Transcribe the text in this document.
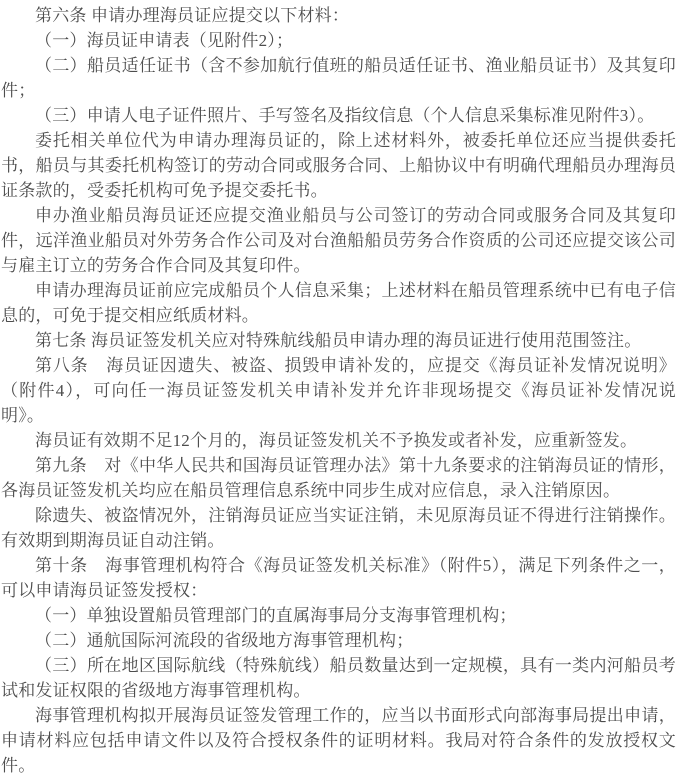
第六条 申请办理海员证应提交以下材料：

（一）海员证申请表（见附件2）；

（二）船员适任证书（含不参加航行值班的船员适任证书、渔业船员证书）及其复印件；

（三）申请人电子证件照片、手写签名及指纹信息（个人信息采集标准见附件3）。

委托相关单位代为申请办理海员证的，除上述材料外，被委托单位还应当提供委托书，船员与其委托机构签订的劳动合同或服务合同、上船协议中有明确代理船员办理海员证条款的，受委托机构可免予提交委托书。

申办渔业船员海员证还应提交渔业船员与公司签订的劳动合同或服务合同及其复印件，远洋渔业船员对外劳务合作公司及对台渔船船员劳务合作资质的公司还应提交该公司与雇主订立的劳务合作合同及其复印件。

申请办理海员证前应完成船员个人信息采集；上述材料在船员管理系统中已有电子信息的，可免于提交相应纸质材料。

第七条 海员证签发机关应对特殊航线船员申请办理的海员证进行使用范围签注。

第八条　海员证因遗失、被盗、损毁申请补发的，应提交《海员证补发情况说明》（附件4），可向任一海员证签发机关申请补发并允许非现场提交《海员证补发情况说明》。

海员证有效期不足12个月的，海员证签发机关不予换发或者补发，应重新签发。

第九条　对《中华人民共和国海员证管理办法》第十九条要求的注销海员证的情形，各海员证签发机关均应在船员管理信息系统中同步生成对应信息，录入注销原因。

除遗失、被盗情况外，注销海员证应当实证注销，未见原海员证不得进行注销操作。有效期到期海员证自动注销。

第十条　海事管理机构符合《海员证签发机关标准》（附件5），满足下列条件之一，可以申请海员证签发授权：

（一）单独设置船员管理部门的直属海事局分支海事管理机构；

（二）通航国际河流段的省级地方海事管理机构；

（三）所在地区国际航线（特殊航线）船员数量达到一定规模，具有一类内河船员考试和发证权限的省级地方海事管理机构。

海事管理机构拟开展海员证签发管理工作的，应当以书面形式向部海事局提出申请，申请材料应包括申请文件以及符合授权条件的证明材料。我局对符合条件的发放授权文件。
